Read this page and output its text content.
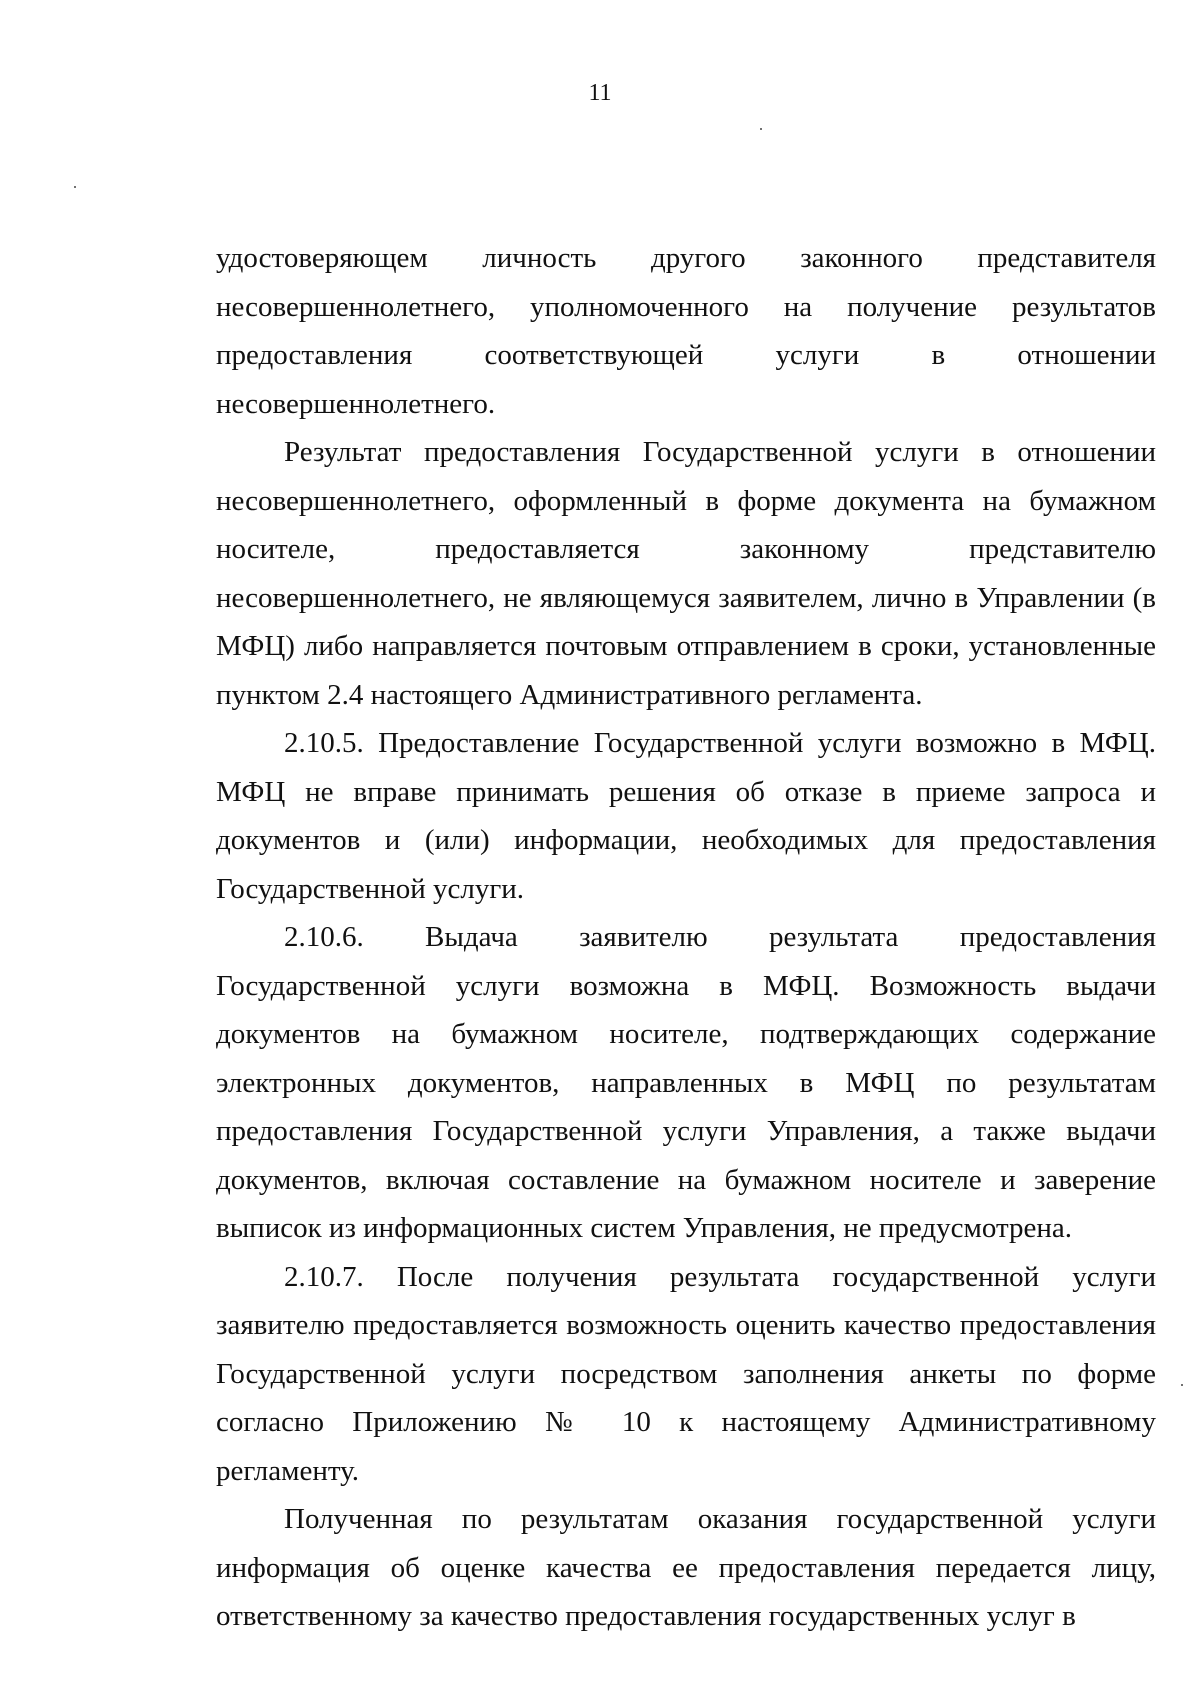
11

удостоверяющем личность другого законного представителя несовершеннолетнего, уполномоченного на получение результатов предоставления соответствующей услуги в отношении несовершеннолетнего.

Результат предоставления Государственной услуги в отношении несовершеннолетнего, оформленный в форме документа на бумажном носителе, предоставляется законному представителю несовершеннолетнего, не являющемуся заявителем, лично в Управлении (в МФЦ) либо направляется почтовым отправлением в сроки, установленные пунктом 2.4 настоящего Административного регламента.

2.10.5. Предоставление Государственной услуги возможно в МФЦ. МФЦ не вправе принимать решения об отказе в приеме запроса и документов и (или) информации, необходимых для предоставления Государственной услуги.

2.10.6. Выдача заявителю результата предоставления Государственной услуги возможна в МФЦ. Возможность выдачи документов на бумажном носителе, подтверждающих содержание электронных документов, направленных в МФЦ по результатам предоставления Государственной услуги Управления, а также выдачи документов, включая составление на бумажном носителе и заверение выписок из информационных систем Управления, не предусмотрена.

2.10.7. После получения результата государственной услуги заявителю предоставляется возможность оценить качество предоставления Государственной услуги посредством заполнения анкеты по форме согласно Приложению № 10 к настоящему Административному регламенту.

Полученная по результатам оказания государственной услуги информация об оценке качества ее предоставления передается лицу, ответственному за качество предоставления государственных услуг в
